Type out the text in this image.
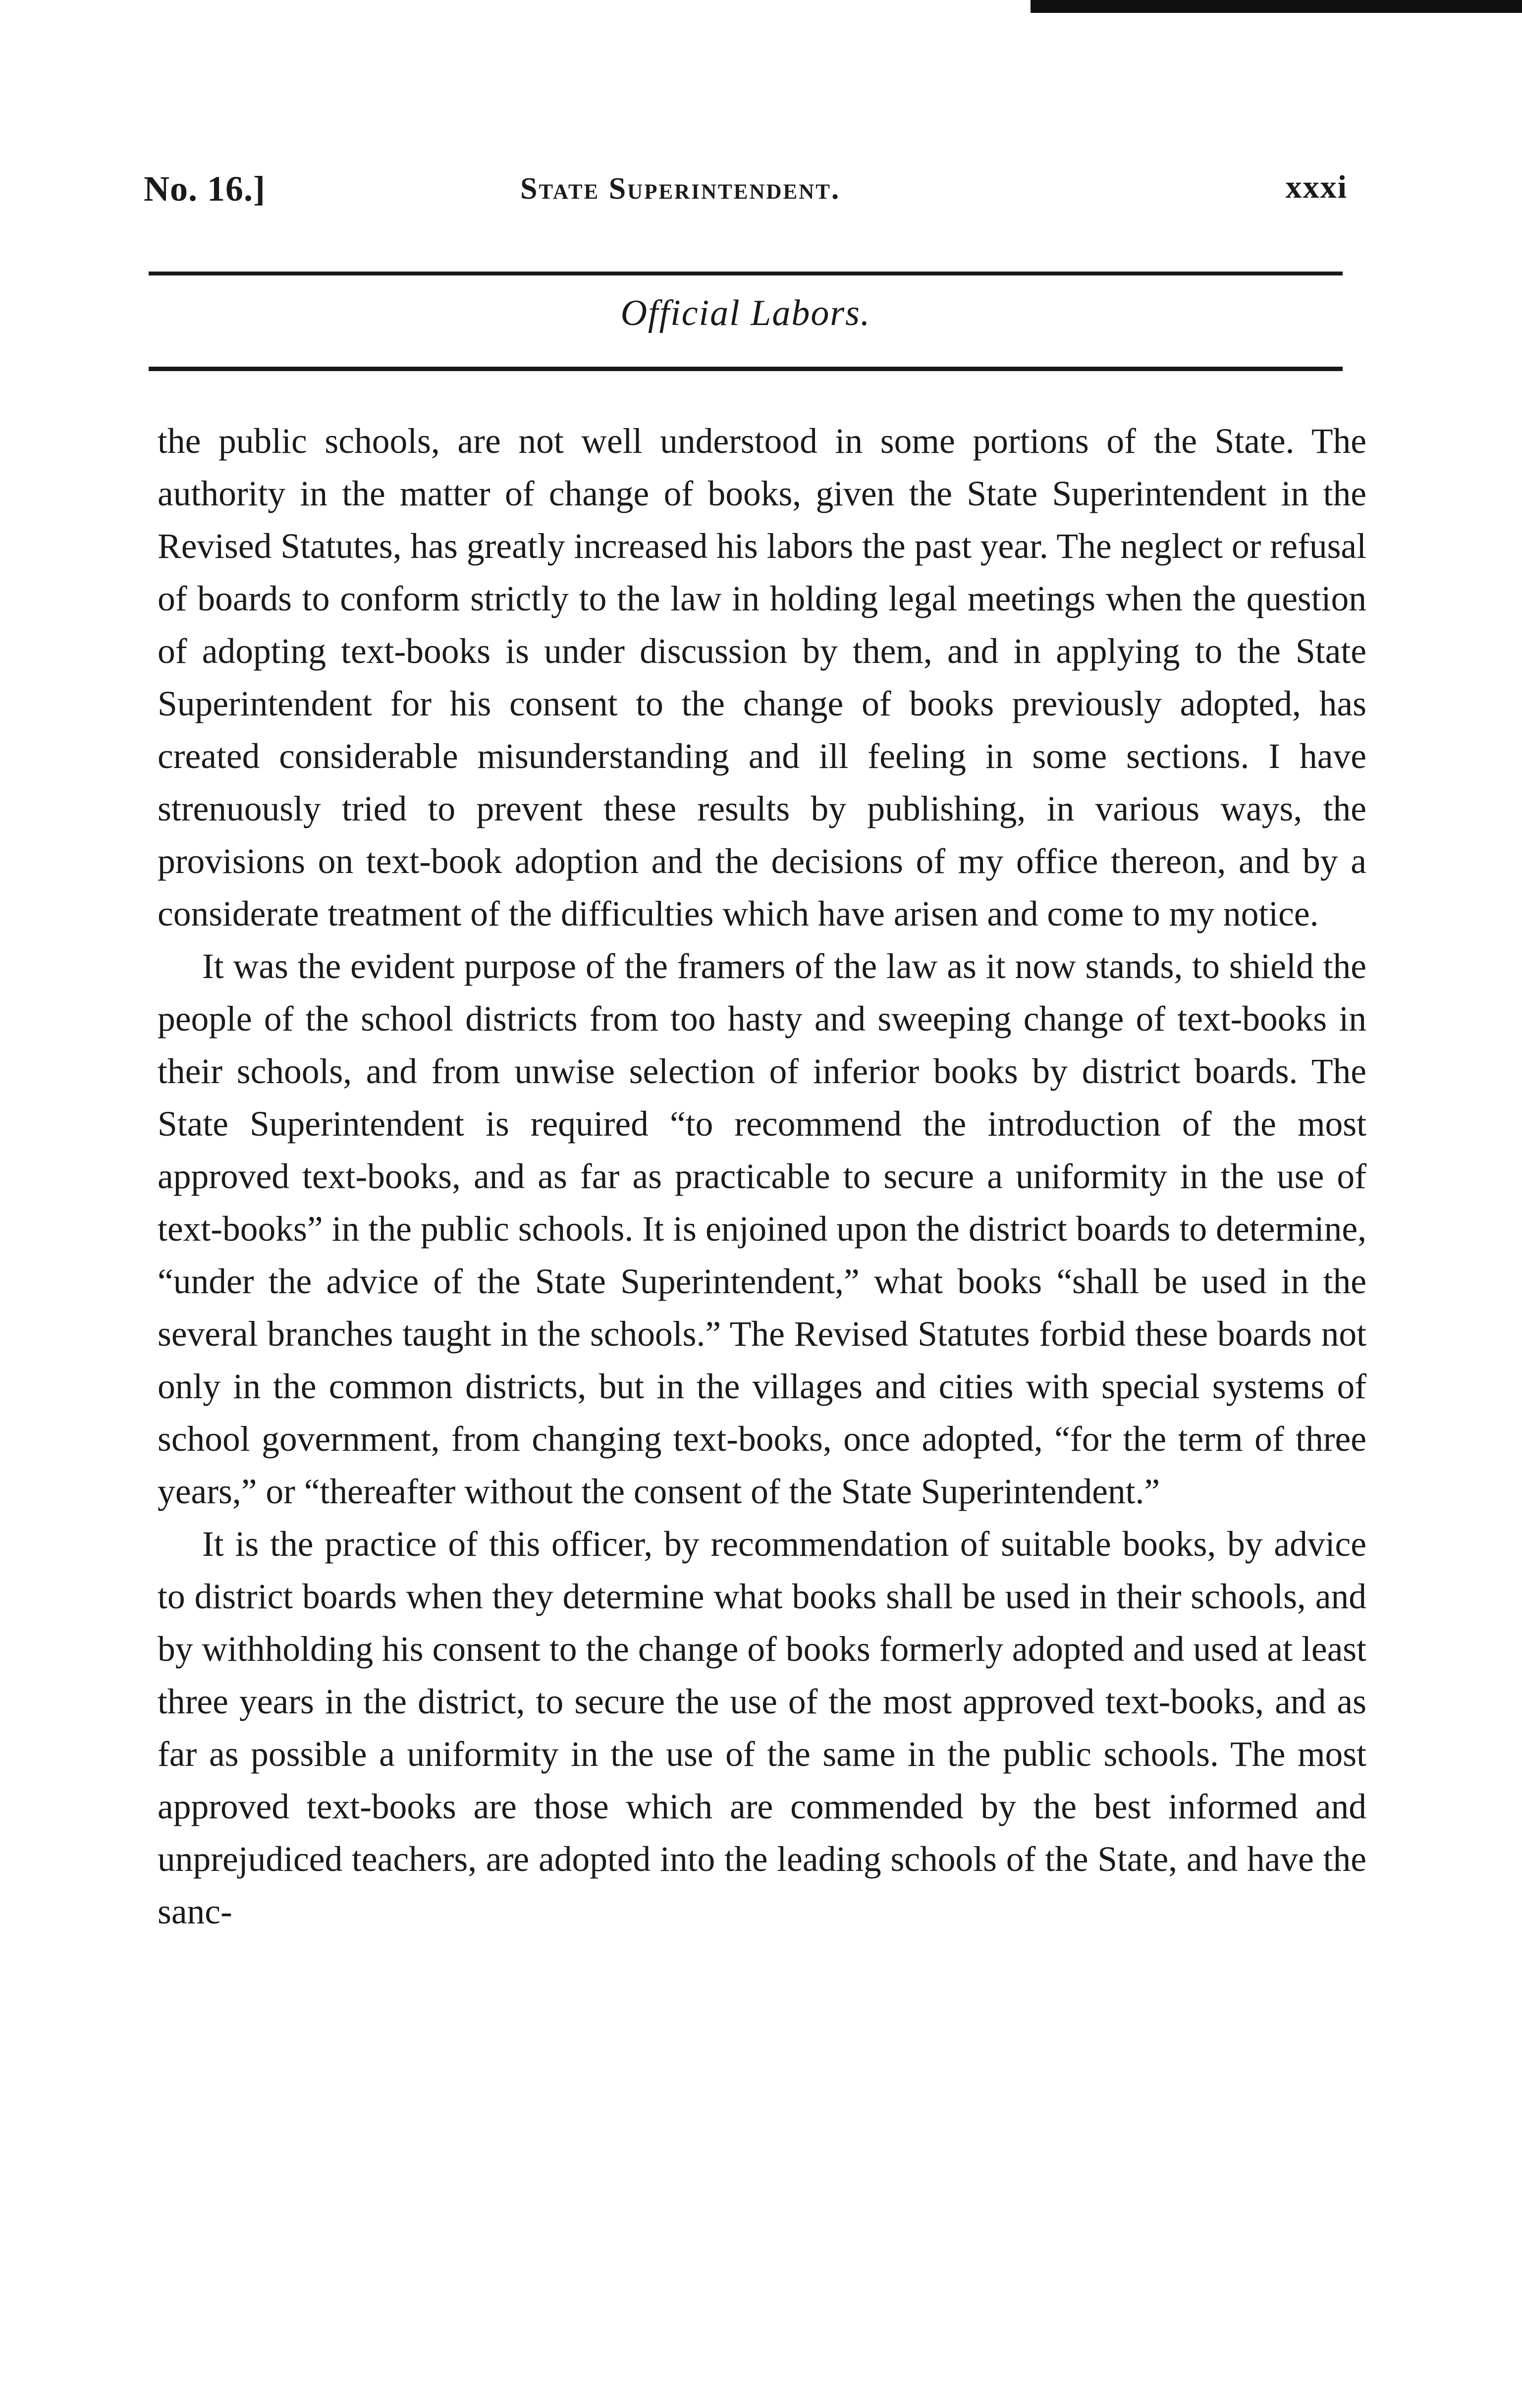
No. 16.]	State Superintendent.	xxxi
Official Labors.

the public schools, are not well understood in some portions of the State. The authority in the matter of change of books, given the State Superintendent in the Revised Statutes, has greatly increased his labors the past year. The neglect or refusal of boards to conform strictly to the law in holding legal meetings when the question of adopting text-books is under discussion by them, and in applying to the State Superintendent for his consent to the change of books previously adopted, has created considerable misunderstanding and ill feeling in some sections. I have strenuously tried to prevent these results by publishing, in various ways, the provisions on text-book adoption and the decisions of my office thereon, and by a considerate treatment of the difficulties which have arisen and come to my notice.

It was the evident purpose of the framers of the law as it now stands, to shield the people of the school districts from too hasty and sweeping change of text-books in their schools, and from unwise selection of inferior books by district boards. The State Superintendent is required “to recommend the introduction of the most approved text-books, and as far as practicable to secure a uniformity in the use of text-books” in the public schools. It is enjoined upon the district boards to determine, “under the advice of the State Superintendent,” what books “shall be used in the several branches taught in the schools.” The Revised Statutes forbid these boards not only in the common districts, but in the villages and cities with special systems of school government, from changing text-books, once adopted, “for the term of three years,” or “thereafter without the consent of the State Superintendent.”

It is the practice of this officer, by recommendation of suitable books, by advice to district boards when they determine what books shall be used in their schools, and by withholding his consent to the change of books formerly adopted and used at least three years in the district, to secure the use of the most approved text-books, and as far as possible a uniformity in the use of the same in the public schools. The most approved text-books are those which are commended by the best informed and unprejudiced teachers, are adopted into the leading schools of the State, and have the sanc-
